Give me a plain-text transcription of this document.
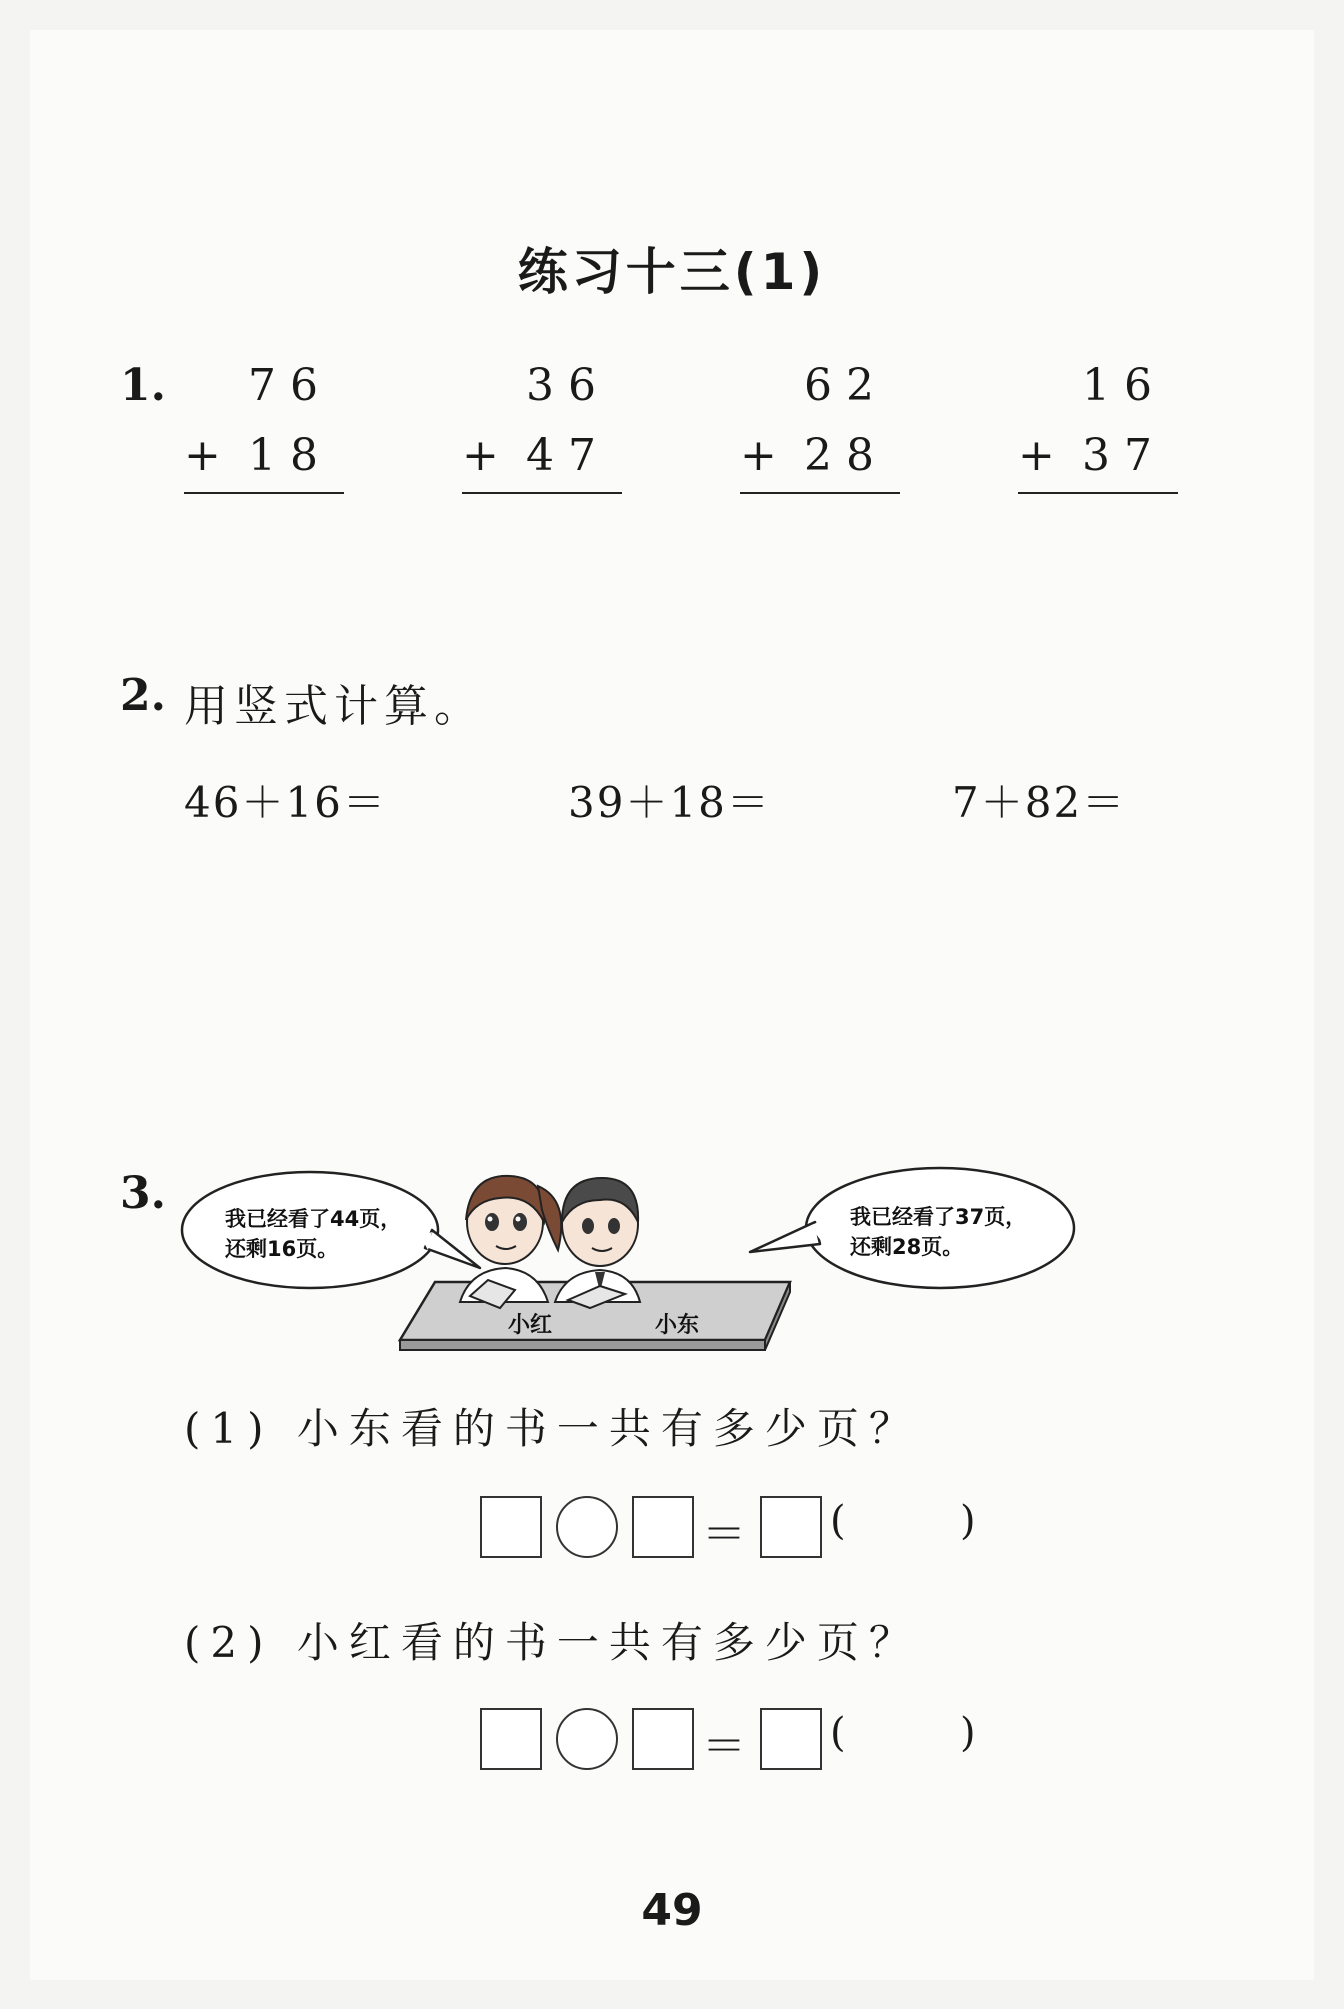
练习十三(1)
1. 76
+ 18
36
+ 47
62
+ 28
16
+ 37
2. 用竖式计算。
46＋16＝	39＋18＝	7＋82＝
3.	我已经看了44页，
还剩16页。
我已经看了37页，
还剩28页。
小红	小东
(1) 小东看的书一共有多少页？
＝ (	)
(2) 小红看的书一共有多少页？
＝ (	)
49
